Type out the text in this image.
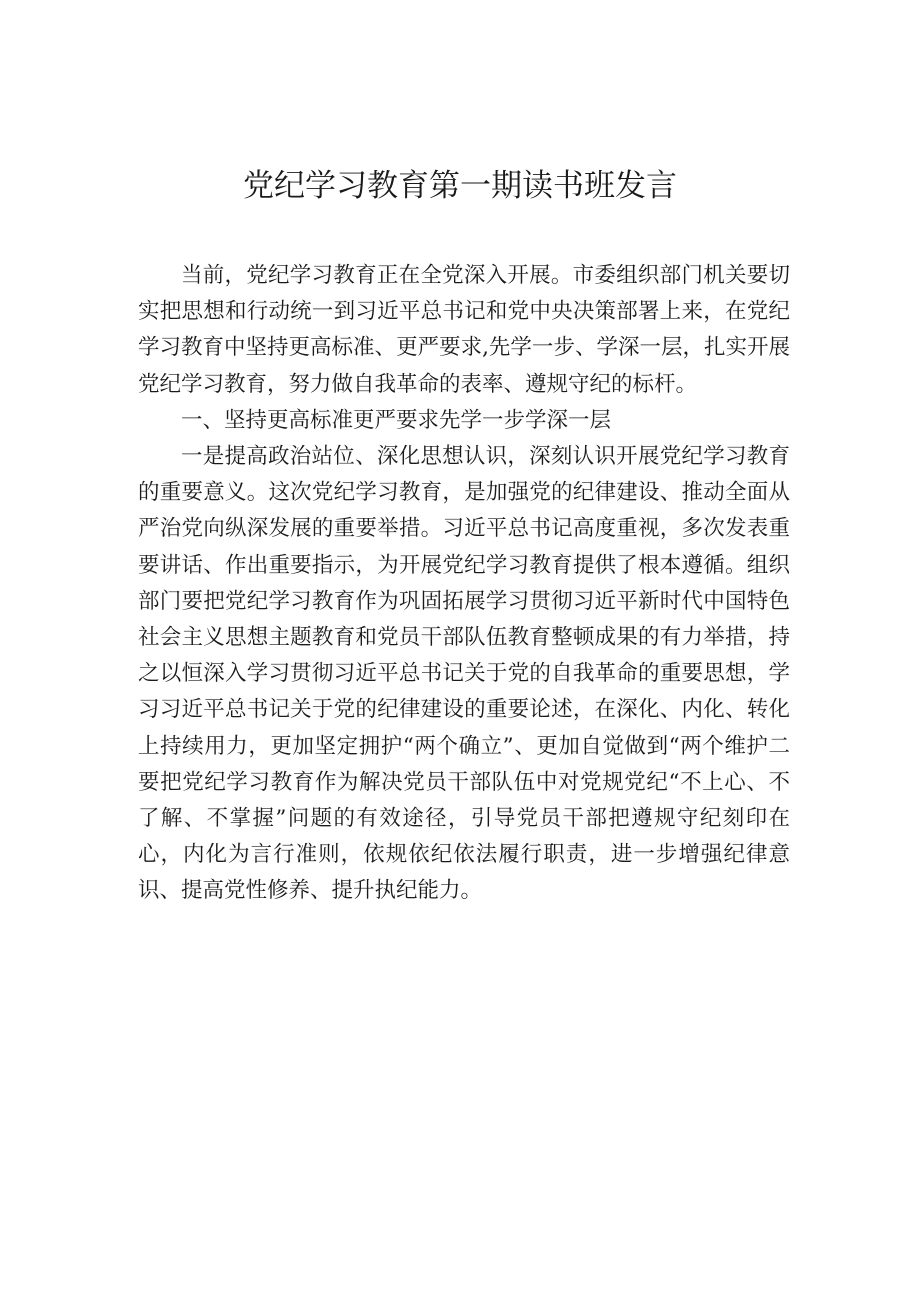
党纪学习教育第一期读书班发言

当前，党纪学习教育正在全党深入开展。市委组织部门机关要切实把思想和行动统一到习近平总书记和党中央决策部署上来，在党纪学习教育中坚持更高标准、更严要求,先学一步、学深一层，扎实开展党纪学习教育，努力做自我革命的表率、遵规守纪的标杆。

一、坚持更高标准更严要求先学一步学深一层

一是提高政治站位、深化思想认识，深刻认识开展党纪学习教育的重要意义。这次党纪学习教育，是加强党的纪律建设、推动全面从严治党向纵深发展的重要举措。习近平总书记高度重视，多次发表重要讲话、作出重要指示，为开展党纪学习教育提供了根本遵循。组织部门要把党纪学习教育作为巩固拓展学习贯彻习近平新时代中国特色社会主义思想主题教育和党员干部队伍教育整顿成果的有力举措，持之以恒深入学习贯彻习近平总书记关于党的自我革命的重要思想，学习习近平总书记关于党的纪律建设的重要论述，在深化、内化、转化上持续用力，更加坚定拥护“两个确立”、更加自觉做到“两个维护二要把党纪学习教育作为解决党员干部队伍中对党规党纪“不上心、不了解、不掌握”问题的有效途径，引导党员干部把遵规守纪刻印在心，内化为言行准则，依规依纪依法履行职责，进一步增强纪律意识、提高党性修养、提升执纪能力。
